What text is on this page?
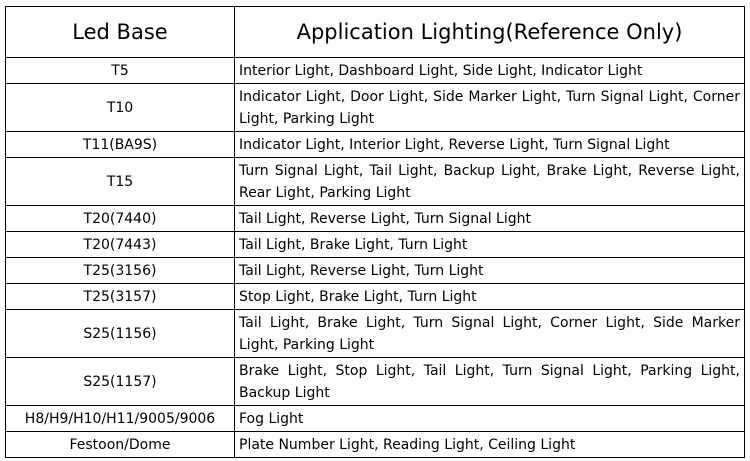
Led Base	Application Lighting(Reference Only)
T5	Interior Light, Dashboard Light, Side Light, Indicator Light
T10	Indicator Light, Door Light, Side Marker Light, Turn Signal Light, Corner Light, Parking Light
T11(BA9S)	Indicator Light, Interior Light, Reverse Light, Turn Signal Light
T15	Turn Signal Light, Tail Light, Backup Light, Brake Light, Reverse Light, Rear Light, Parking Light
T20(7440)	Tail Light, Reverse Light, Turn Signal Light
T20(7443)	Tail Light, Brake Light, Turn Light
T25(3156)	Tail Light, Reverse Light, Turn Light
T25(3157)	Stop Light, Brake Light, Turn Light
S25(1156)	Tail Light, Brake Light, Turn Signal Light, Corner Light, Side Marker Light, Parking Light
S25(1157)	Brake Light, Stop Light, Tail Light, Turn Signal Light, Parking Light, Backup Light
H8/H9/H10/H11/9005/9006	Fog Light
Festoon/Dome	Plate Number Light, Reading Light, Ceiling Light
